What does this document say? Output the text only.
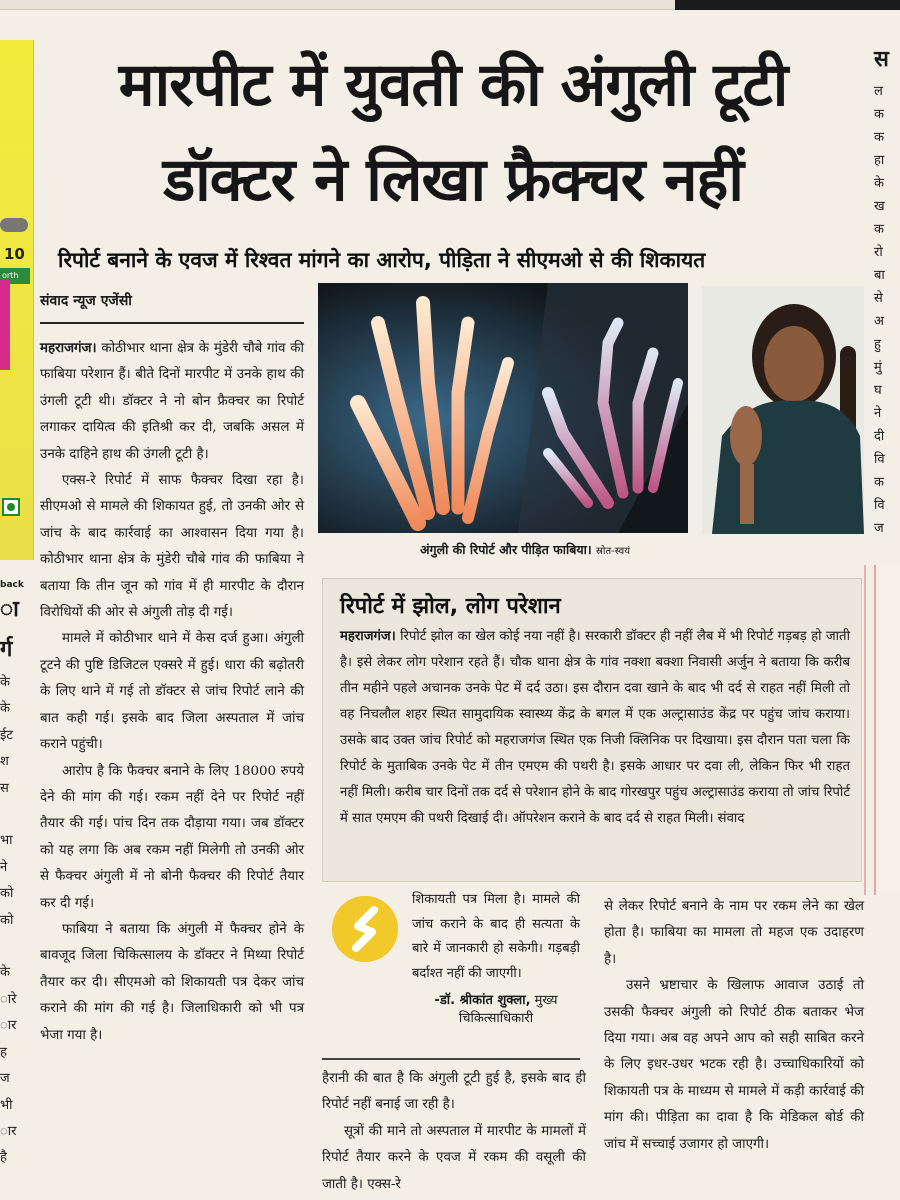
10
orth
back
मारपीट में युवती की अंगुली टूटी
डॉक्टर ने लिखा फ्रैक्चर नहीं
रिपोर्ट बनाने के एवज में रिश्वत मांगने का आरोप, पीड़िता ने सीएमओ से की शिकायत
संवाद न्यूज एजेंसी

महराजगंज। कोठीभार थाना क्षेत्र के मुंडेरी चौबे गांव की फाबिया परेशान हैं। बीते दिनों मारपीट में उनके हाथ की उंगली टूटी थी। डॉक्टर ने नो बोन फ्रैक्चर का रिपोर्ट लगाकर दायित्व की इतिश्री कर दी, जबकि असल में उनके दाहिने हाथ की उंगली टूटी है।

एक्स-रे रिपोर्ट में साफ फैक्चर दिखा रहा है। सीएमओ से मामले की शिकायत हुई, तो उनकी ओर से जांच के बाद कार्रवाई का आश्वासन दिया गया है। कोठीभार थाना क्षेत्र के मुंडेरी चौबे गांव की फाबिया ने बताया कि तीन जून को गांव में ही मारपीट के दौरान विरोधियों की ओर से अंगुली तोड़ दी गई।

मामले में कोठीभार थाने में केस दर्ज हुआ। अंगुली टूटने की पुष्टि डिजिटल एक्सरे में हुई। धारा की बढ़ोतरी के लिए थाने में गई तो डॉक्टर से जांच रिपोर्ट लाने की बात कही गई। इसके बाद जिला अस्पताल में जांच कराने पहुंची।

आरोप है कि फैक्चर बनाने के लिए 18000 रुपये देने की मांग की गई। रकम नहीं देने पर रिपोर्ट नहीं तैयार की गई। पांच दिन तक दौड़ाया गया। जब डॉक्टर को यह लगा कि अब रकम नहीं मिलेगी तो उनकी ओर से फैक्चर अंगुली में नो बोनी फैक्चर की रिपोर्ट तैयार कर दी गई।

फाबिया ने बताया कि अंगुली में फैक्चर होने के बावजूद जिला चिकित्सालय के डॉक्टर ने मिथ्या रिपोर्ट तैयार कर दी। सीएमओ को शिकायती पत्र देकर जांच कराने की मांग की गई है। जिलाधिकारी को भी पत्र भेजा गया है।

अंगुली की रिपोर्ट और पीड़ित फाबिया। स्रोत-स्वयं
रिपोर्ट में झोल, लोग परेशान

महराजगंज। रिपोर्ट झोल का खेल कोई नया नहीं है। सरकारी डॉक्टर ही नहीं लैब में भी रिपोर्ट गड़बड़ हो जाती है। इसे लेकर लोग परेशान रहते हैं। चौक थाना क्षेत्र के गांव नक्शा बक्शा निवासी अर्जुन ने बताया कि करीब तीन महीने पहले अचानक उनके पेट में दर्द उठा। इस दौरान दवा खाने के बाद भी दर्द से राहत नहीं मिली तो वह निचलौल शहर स्थित सामुदायिक स्वास्थ्य केंद्र के बगल में एक अल्ट्रासाउंड केंद्र पर पहुंच जांच कराया। उसके बाद उक्त जांच रिपोर्ट को महराजगंज स्थित एक निजी क्लिनिक पर दिखाया। इस दौरान पता चला कि रिपोर्ट के मुताबिक उनके पेट में तीन एमएम की पथरी है। इसके आधार पर दवा ली, लेकिन फिर भी राहत नहीं मिली। करीब चार दिनों तक दर्द से परेशान होने के बाद गोरखपुर पहुंच अल्ट्रासाउंड कराया तो जांच रिपोर्ट में सात एमएम की पथरी दिखाई दी। ऑपरेशन कराने के बाद दर्द से राहत मिली। संवाद

शिकायती पत्र मिला है। मामले की जांच कराने के बाद ही सत्यता के बारे में जानकारी हो सकेगी। गड़बड़ी बर्दाश्त नहीं की जाएगी।

-डॉ. श्रीकांत शुक्ला, मुख्य चिकित्साधिकारी

हैरानी की बात है कि अंगुली टूटी हुई है, इसके बाद ही रिपोर्ट नहीं बनाई जा रही है।

सूत्रों की माने तो अस्पताल में मारपीट के मामलों में रिपोर्ट तैयार करने के एवज में रकम की वसूली की जाती है। एक्स-रे

से लेकर रिपोर्ट बनाने के नाम पर रकम लेने का खेल होता है। फाबिया का मामला तो महज एक उदाहरण है।

उसने भ्रष्टाचार के खिलाफ आवाज उठाई तो उसकी फैक्चर अंगुली को रिपोर्ट ठीक बताकर भेज दिया गया। अब वह अपने आप को सही साबित करने के लिए इधर-उधर भटक रही है। उच्चाधिकारियों को शिकायती पत्र के माध्यम से मामले में कड़ी कार्रवाई की मांग की। पीड़िता का दावा है कि मेडिकल बोर्ड की जांच में सच्चाई उजागर हो जाएगी।

स
ल
क
क
हा
के
ख
क
रो
बा
से
अ
हु
मुं
घ
ने
दी
वि
क
वि
ज
ा
र्ग
के
के
ईट
श
स

भा
ने
को
को

के
ारे
ार
ह
ज
भी
ार
है
